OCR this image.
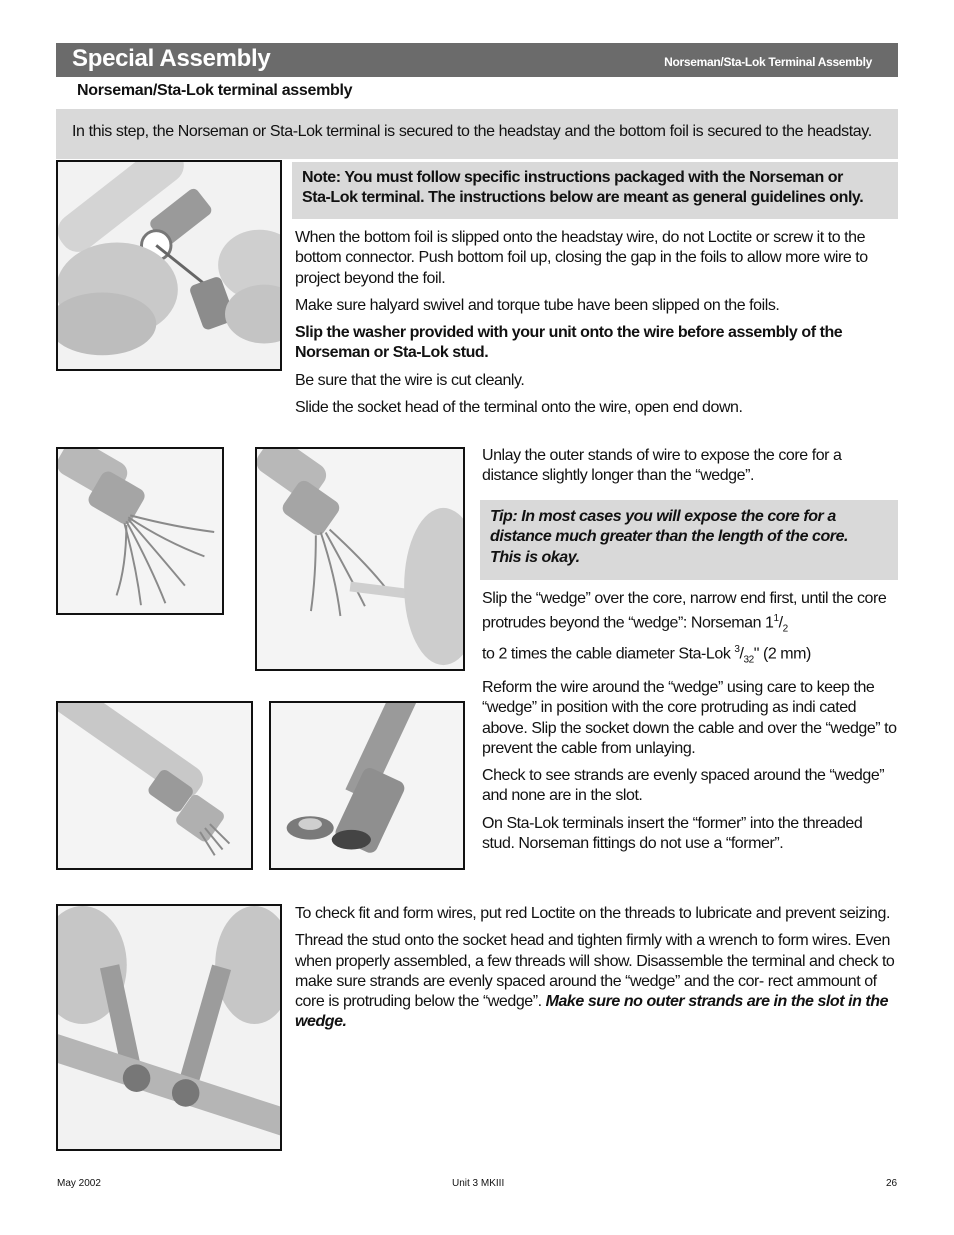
Special Assembly	Norseman/Sta-Lok Terminal Assembly
Norseman/Sta-Lok terminal assembly
In this step, the Norseman or Sta-Lok terminal is secured to the headstay and the bottom foil is secured to the headstay.
Note: You must follow specific instructions packaged with the Norseman or
Sta-Lok terminal. The instructions below are meant as general guidelines only.

When the bottom foil is slipped onto the headstay wire, do not Loctite or screw it to the bottom connector. Push bottom foil up, closing the gap in the foils to allow more wire to project beyond the foil.

Make sure halyard swivel and torque tube have been slipped on the foils.

Slip the washer provided with your unit onto the wire before assembly of the Norseman or Sta-Lok stud.

Be sure that the wire is cut cleanly.

Slide the socket head of the terminal onto the wire, open end down.

Unlay the outer stands of wire to expose the core for a distance slightly longer than the “wedge”.

Tip: In most cases you will expose the core for a distance much greater than the length of the core. This is okay.

Slip the “wedge” over the core, narrow end first, until the core protrudes beyond the “wedge”: Norseman $1^1/_2$
to 2 times the cable diameter Sta-Lok $^3/_{32}$" (2 mm)

Reform the wire around the “wedge” using care to keep the “wedge” in position with the core protruding as indi cated above. Slip the socket down the cable and over the “wedge” to prevent the cable from unlaying.

Check to see strands are evenly spaced around the “wedge” and none are in the slot.

On Sta-Lok terminals insert the “former” into the threaded stud. Norseman fittings do not use a “former”.

To check fit and form wires, put red Loctite on the threads to lubricate and prevent seizing.

Thread the stud onto the socket head and tighten firmly with a wrench to form wires. Even when properly assembled, a few threads will show. Disassemble the terminal and check to make sure strands are evenly spaced around the “wedge” and the cor- rect ammount of core is protruding below the “wedge”. Make sure no outer strands are in the slot in the wedge.

May 2002	Unit 3 MKIII	26
